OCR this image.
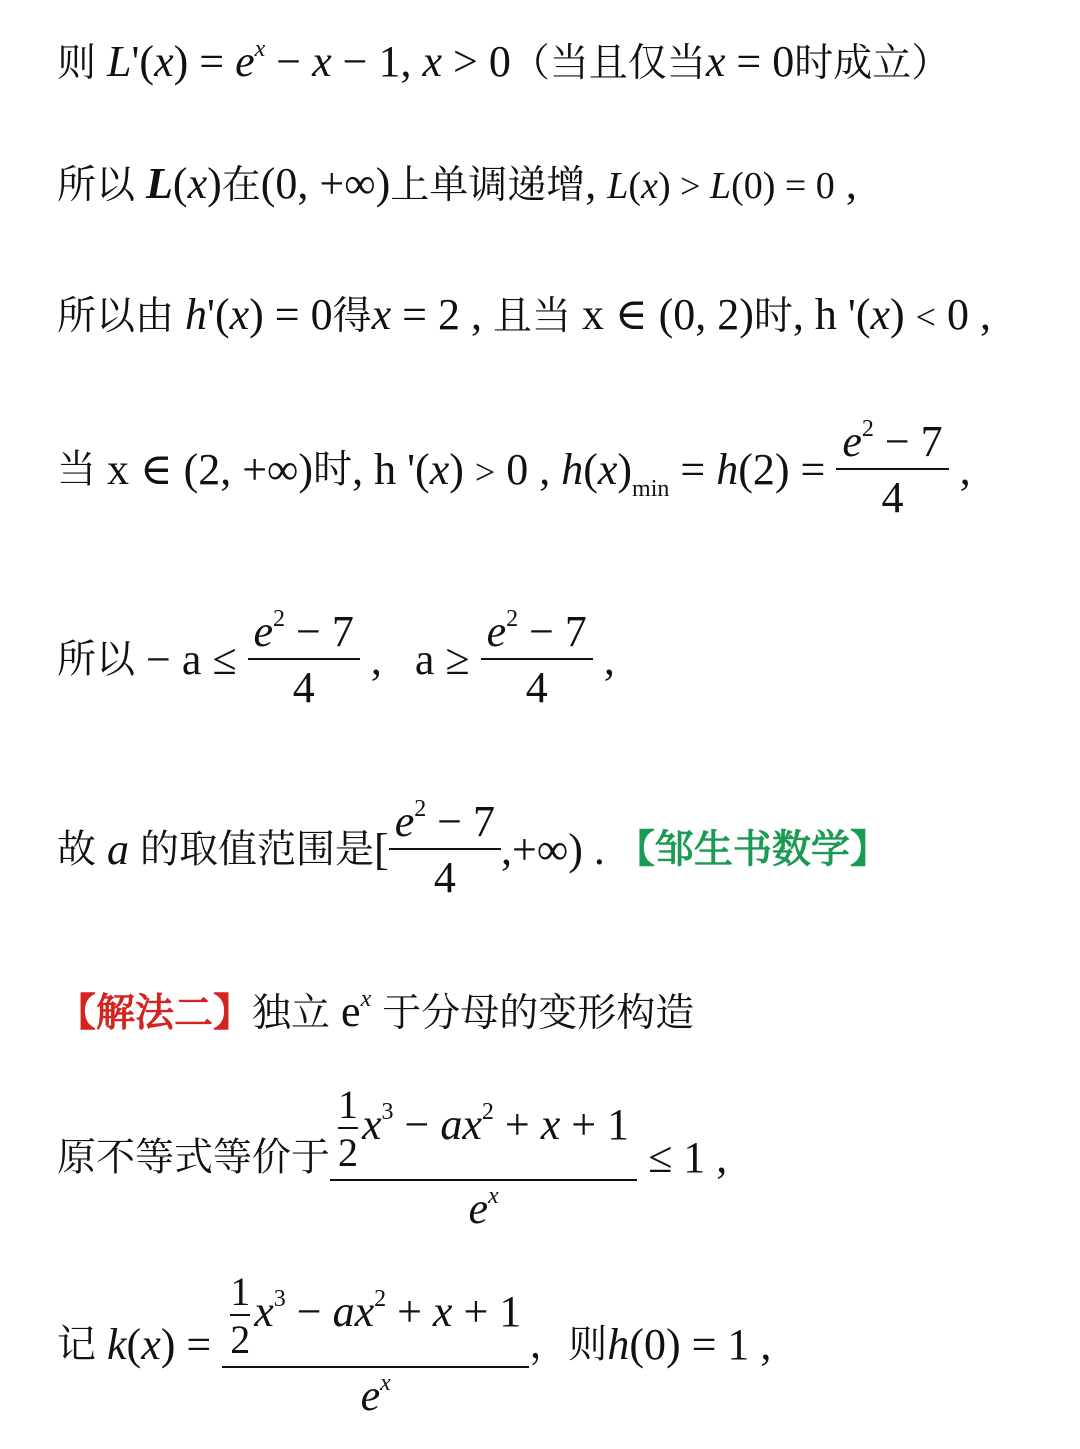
则 $L'(x) = e^x - x - 1$, x > 0（当且仅当x = 0时成立）
所以 L(x)在(0, +∞)上单调递增, L(x) > L(0) = 0 ,
所以由 h'(x) = 0得x = 2 , 且当 x ∈ (0, 2)时, h '(x) < 0 ,
当 x ∈ (2, +∞)时, h '(x) > 0 , $h(x)_{min} = h(2) = \frac{e^2 - 7}{4}$ ,
所以 − $a \le \frac{e^2 - 7}{4}$ ,   $a \ge \frac{e^2 - 7}{4}$ ,
故 a 的取值范围是[ $\frac{e^2 - 7}{4}$ ,+∞) . 【邹生书数学】
【解法二】独立 $e^x$ 于分母的变形构造
原不等式等价于 $\frac{\frac{1}{2} x^3 - ax^2 + x + 1}{e^x} \le 1$ ,
记 $k(x) = \frac{\frac{1}{2} x^3 - ax^2 + x + 1}{e^x}$ ，则h(0) = 1 ,
